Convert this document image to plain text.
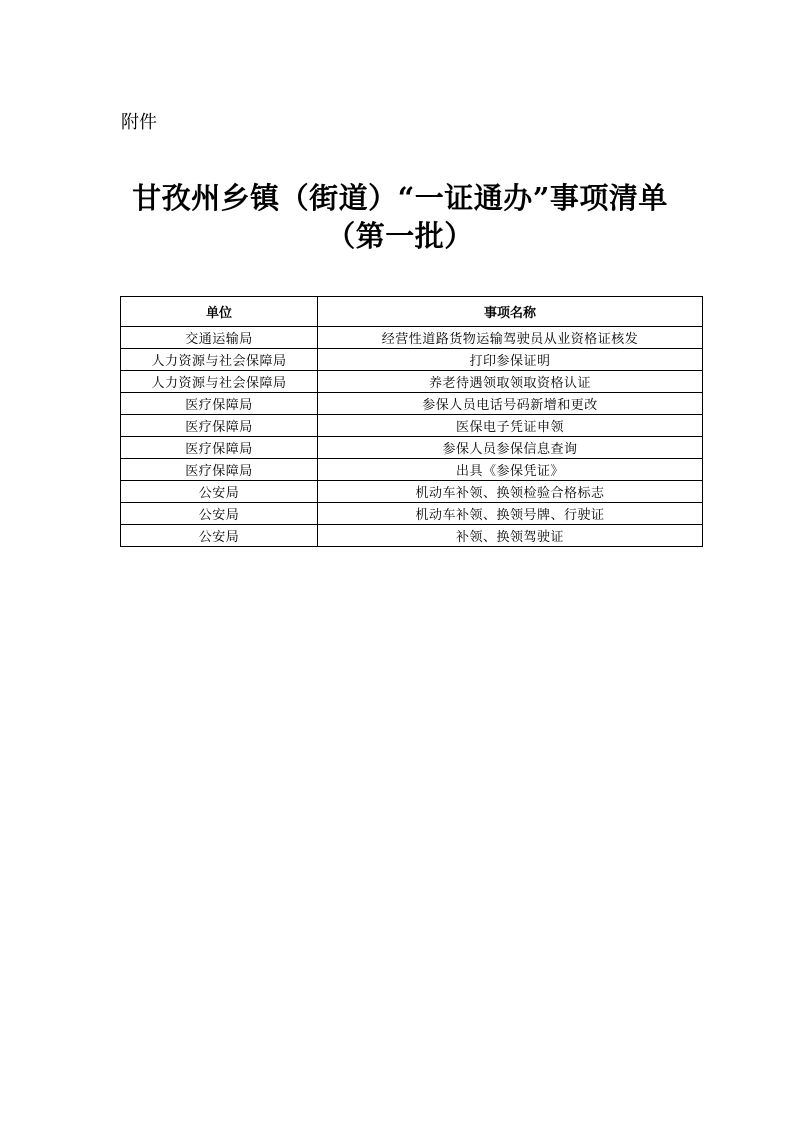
附件
甘孜州乡镇（街道）“一证通办”事项清单
（第一批）
单位	事项名称
交通运输局	经营性道路货物运输驾驶员从业资格证核发
人力资源与社会保障局	打印参保证明
人力资源与社会保障局	养老待遇领取领取资格认证
医疗保障局	参保人员电话号码新增和更改
医疗保障局	医保电子凭证申领
医疗保障局	参保人员参保信息查询
医疗保障局	出具《参保凭证》
公安局	机动车补领、换领检验合格标志
公安局	机动车补领、换领号牌、行驶证
公安局	补领、换领驾驶证
